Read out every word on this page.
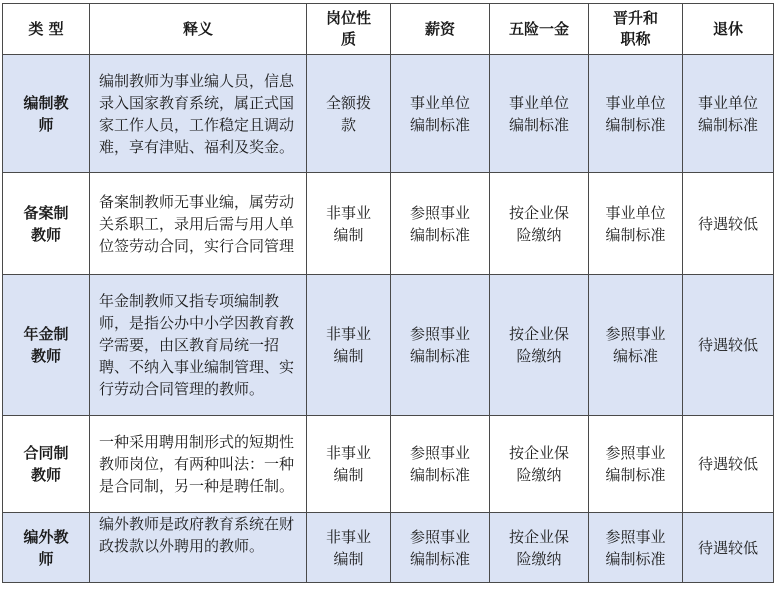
类 型	释义	岗位性质	薪资	五险一金	晋升和职称	退休
编制教师	编制教师为事业编人员，信息录入国家教育系统，属正式国家工作人员，工作稳定且调动难，享有津贴、福利及奖金。	全额拨款	事业单位编制标准	事业单位编制标准	事业单位编制标准	事业单位编制标准
备案制教师	备案制教师无事业编，属劳动关系职工，录用后需与用人单位签劳动合同，实行合同管理	非事业编制	参照事业编制标准	按企业保险缴纳	事业单位编制标准	待遇较低
年金制教师	年金制教师又指专项编制教师，是指公办中小学因教育教学需要，由区教育局统一招聘、不纳入事业编制管理、实行劳动合同管理的教师。	非事业编制	参照事业编制标准	按企业保险缴纳	参照事业编标准	待遇较低
合同制教师	一种采用聘用制形式的短期性教师岗位，有两种叫法：一种是合同制，另一种是聘任制。	非事业编制	参照事业编制标准	按企业保险缴纳	参照事业编制标准	待遇较低
编外教师	编外教师是政府教育系统在财政拨款以外聘用的教师。	非事业编制	参照事业编制标准	按企业保险缴纳	参照事业编制标准	待遇较低
